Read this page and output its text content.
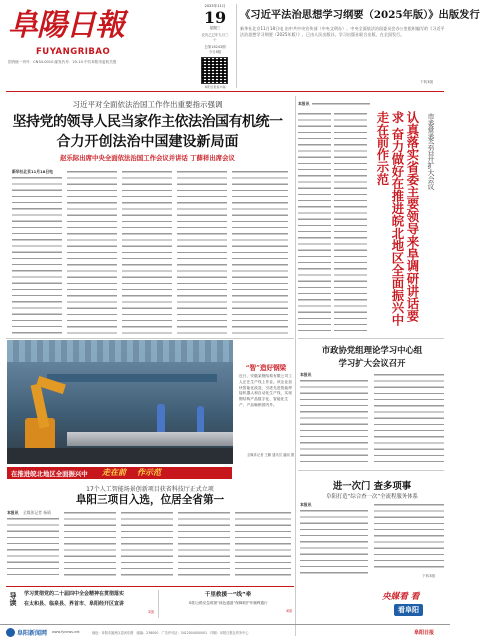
阜陽日報
FUYANGRIBAO
国内统一刊号：CN34-0010 邮发代号：25-10 中共阜阳市委机关报
2025年11月
19
星期三
农历乙巳年九月三十
总第16243期
今日8版
阜阳日报客户端
《习近平法治思想学习纲要（2025年版）》出版发行
新华社北京11月18日电 由中共中央宣传部（中央文明办）、中央全面依法治国委员会办公室组织编写的《习近平法治思想学习纲要（2025年版）》，已由人民出版社、学习出版社联合出版，在全国发行。
下转3版
习近平对全面依法治国工作作出重要指示强调
坚持党的领导人民当家作主依法治国有机统一
合力开创法治中国建设新局面
赵乐际出席中央全面依法治国工作会议并讲话 丁薛祥出席会议
新华社北京11月18日电
本报讯
认真落实省委主要领导来阜调研讲话要求 奋力做好在推进皖北地区全面振兴中走在前作示范	市委常委会召开扩大会议
“智”造好钢梁
近日，安徽某钢结构有限公司工人正在生产线上作业。该企业加快智能化改造，引进先进智能焊接机器人和自动化生产线，实现钢结构产品数字化、智能化生产，产品畅销国内外。
全媒体记者 王鹏 通讯员 潘丽 摄
市政协党组理论学习中心组
学习扩大会议召开
本报讯
在推进皖北地区全面振兴中 走在前 作示范
17个人工智能场景创新项目获省科技厅正式立项
阜阳三项目入选，位居全省第一
本报讯 全媒体记者 杨靖
进一次门 查多项事
阜阳打造“综合查一次”全流程服务体系
本报讯
下转3版
导读 学习贯彻党的二十届四中全会精神在贯彻落实
在太和县、临泉县、界首市、阜阳经开区宣讲
2版
千里救援一“线”牵
阜阳公路应急救援“绿色通道”保障救护车顺利通行
4版
央媒看 看
看阜阳
阜阳新闻网 www.fynews.net	地址：阜阳市颍州区清河东路　邮编：236000　广告许可证：3412004000001　印刷：阜阳日报社印务中心	阜阳日报
